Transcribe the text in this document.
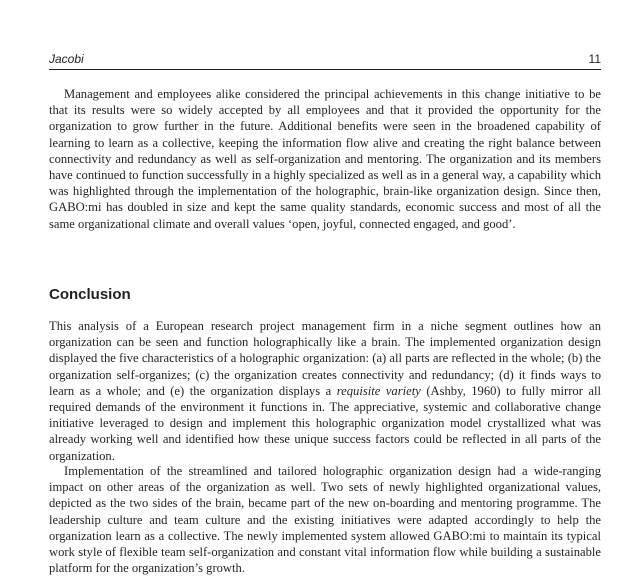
Jacobi	11

Management and employees alike considered the principal achievements in this change initiative to be that its results were so widely accepted by all employees and that it provided the opportunity for the organization to grow further in the future. Additional benefits were seen in the broadened capability of learning to learn as a collective, keeping the information flow alive and creating the right balance between connectivity and redundancy as well as self-organization and mentoring. The organization and its members have continued to function successfully in a highly specialized as well as in a general way, a capability which was highlighted through the implementation of the holographic, brain-like organization design. Since then, GABO:mi has doubled in size and kept the same quality standards, economic success and most of all the same organizational climate and overall values ‘open, joyful, connected engaged, and good’.

Conclusion

This analysis of a European research project management firm in a niche segment outlines how an organization can be seen and function holographically like a brain. The implemented organization design displayed the five characteristics of a holographic organization: (a) all parts are reflected in the whole; (b) the organization self-organizes; (c) the organization creates connectivity and redundancy; (d) it finds ways to learn as a whole; and (e) the organization displays a requisite variety (Ashby, 1960) to fully mirror all required demands of the environment it functions in. The appreciative, systemic and collaborative change initiative leveraged to design and implement this holographic organization model crystallized what was already working well and identified how these unique success factors could be reflected in all parts of the organization.

Implementation of the streamlined and tailored holographic organization design had a wide-ranging impact on other areas of the organization as well. Two sets of newly highlighted organizational values, depicted as the two sides of the brain, became part of the new on-boarding and mentoring programme. The leadership culture and team culture and the existing initiatives were adapted accordingly to help the organization learn as a collective. The newly implemented system allowed GABO:mi to maintain its typical work style of flexible team self-organization and constant vital information flow while building a sustainable platform for the organization’s growth.
